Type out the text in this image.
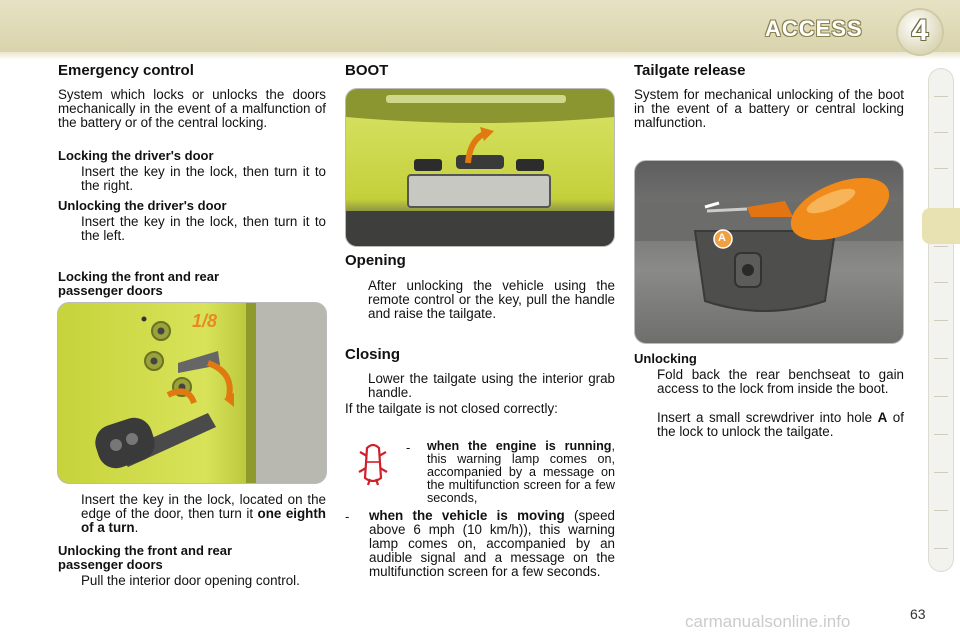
ACCESS	4
Emergency control

System which locks or unlocks the doors mechanically in the event of a malfunction of the battery or of the central locking.

Locking the driver's door
Insert the key in the lock, then turn it to the right.
Unlocking the driver's door
Insert the key in the lock, then turn it to the left.
Locking the front and rear
passenger doors
1/8
Insert the key in the lock, located on the edge of the door, then turn it one eighth of a turn.
Unlocking the front and rear
passenger doors
Pull the interior door opening control.
BOOT
Opening
After unlocking the vehicle using the remote control or the key, pull the handle and raise the tailgate.
Closing
Lower the tailgate using the interior grab handle.

If the tailgate is not closed correctly:

-	when the engine is running, this warning lamp comes on, accompanied by a message on the multifunction screen for a few seconds,

-	when the vehicle is moving (speed above 6 mph (10 km/h)), this warning lamp comes on, accompanied by an audible signal and a message on the multifunction screen for a few seconds.

Tailgate release

System for mechanical unlocking of the boot in the event of a battery or central locking malfunction.

A
Unlocking
Fold back the rear benchseat to gain access to the lock from inside the boot.
Insert a small screwdriver into hole A of the lock to unlock the tailgate.
63
carmanualsonline.info
